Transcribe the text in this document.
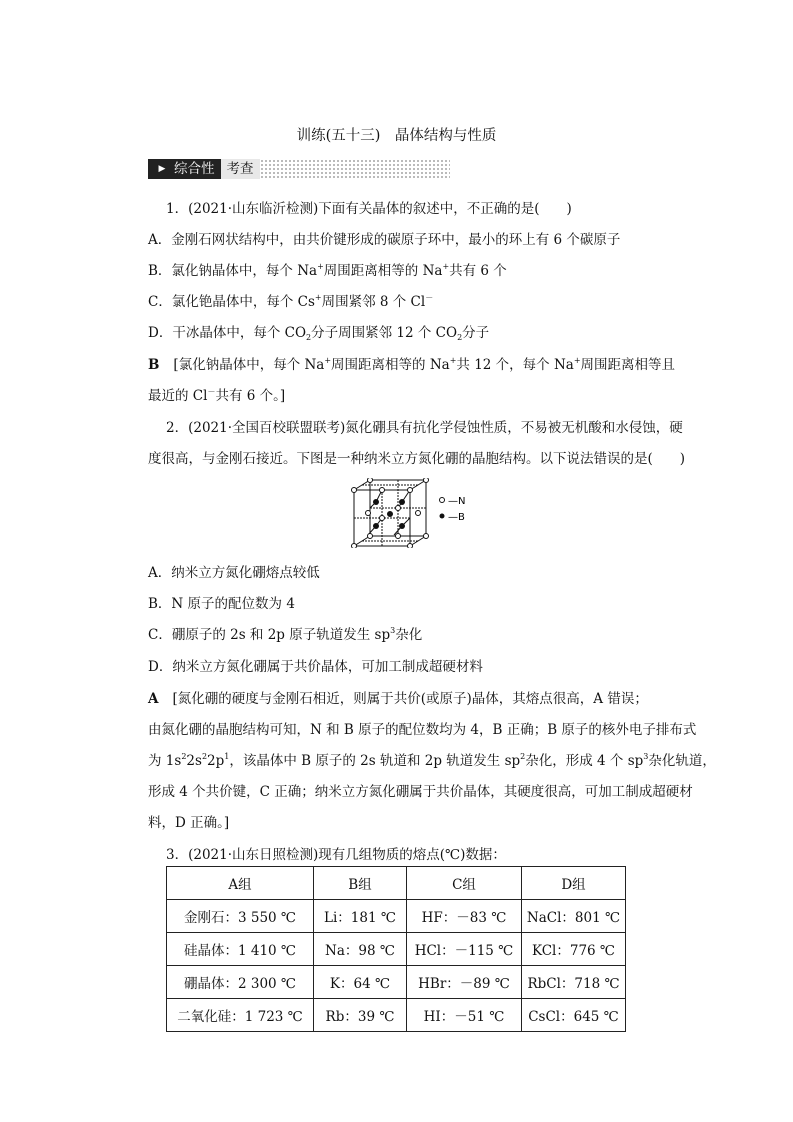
训练(五十三)　晶体结构与性质
▶ 综合性 考查
1．(2021·山东临沂检测)下面有关晶体的叙述中，不正确的是(　　)
A．金刚石网状结构中，由共价键形成的碳原子环中，最小的环上有 6 个碳原子
B．氯化钠晶体中，每个 Na+周围距离相等的 Na+共有 6 个
C．氯化铯晶体中，每个 Cs+周围紧邻 8 个 Cl－
D．干冰晶体中，每个 $CO_2$分子周围紧邻 12 个 $CO_2$分子
B [氯化钠晶体中，每个 Na+周围距离相等的 Na+共 12 个，每个 Na+周围距离相等且
最近的 Cl－共有 6 个。]
2．(2021·全国百校联盟联考)氮化硼具有抗化学侵蚀性质，不易被无机酸和水侵蚀，硬
度很高，与金刚石接近。下图是一种纳米立方氮化硼的晶胞结构。以下说法错误的是(　　)
—N
—B
A．纳米立方氮化硼熔点较低
B．N 原子的配位数为 4
C．硼原子的 2s 和 2p 原子轨道发生 $sp^3$杂化
D．纳米立方氮化硼属于共价晶体，可加工制成超硬材料
A [氮化硼的硬度与金刚石相近，则属于共价(或原子)晶体，其熔点很高，A 错误；
由氮化硼的晶胞结构可知，N 和 B 原子的配位数均为 4，B 正确；B 原子的核外电子排布式
为 $1s^22s^22p^1$，该晶体中 B 原子的 2s 轨道和 2p 轨道发生 $sp^2$杂化，形成 4 个 $sp^3$杂化轨道，
形成 4 个共价键，C 正确；纳米立方氮化硼属于共价晶体，其硬度很高，可加工制成超硬材
料，D 正确。]
3．(2021·山东日照检测)现有几组物质的熔点(℃)数据：
A组	B组	C组	D组
金刚石：3 550 ℃	Li：181 ℃	HF：－83 ℃	NaCl：801 ℃
硅晶体：1 410 ℃	Na：98 ℃	HCl：－115 ℃	KCl：776 ℃
硼晶体：2 300 ℃	K：64 ℃	HBr：－89 ℃	RbCl：718 ℃
二氧化硅：1 723 ℃	Rb：39 ℃	HI：－51 ℃	CsCl：645 ℃
